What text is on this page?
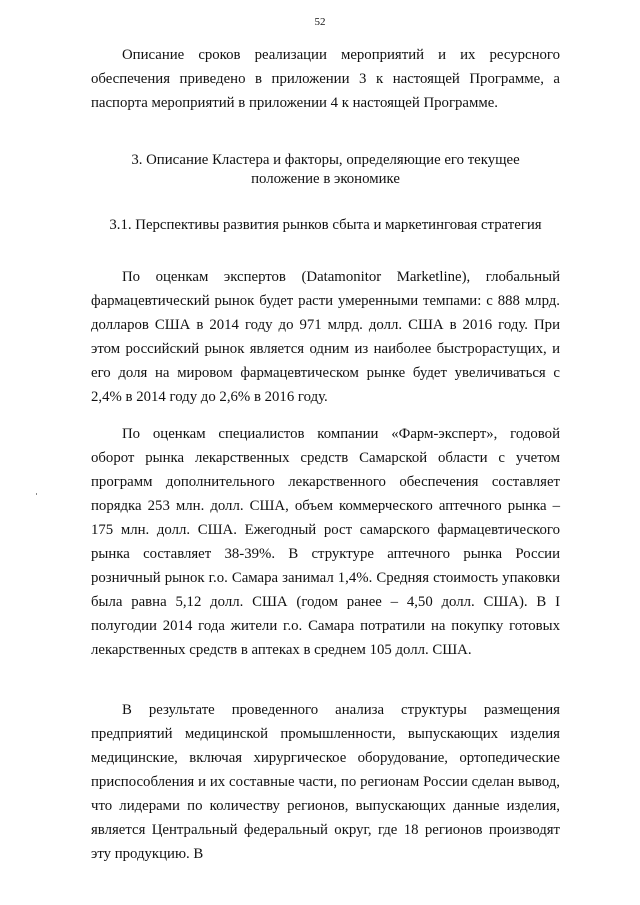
52

Описание сроков реализации мероприятий и их ресурсного обеспечения приведено в приложении 3 к настоящей Программе, а паспорта мероприятий в приложении 4 к настоящей Программе.

3. Описание Кластера и факторы, определяющие его текущее

положение в экономике

3.1. Перспективы развития рынков сбыта и маркетинговая стратегия

По оценкам экспертов (Datamonitor Marketline), глобальный фармацевтический рынок будет расти умеренными темпами: с 888 млрд. долларов США в 2014 году до 971 млрд. долл. США в 2016 году. При этом российский рынок является одним из наиболее быстрорастущих, и его доля на мировом фармацевтическом рынке будет увеличиваться с 2,4% в 2014 году до 2,6% в 2016 году.

По оценкам специалистов компании «Фарм-эксперт», годовой оборот рынка лекарственных средств Самарской области с учетом программ дополнительного лекарственного обеспечения составляет порядка 253 млн. долл. США, объем коммерческого аптечного рынка – 175 млн. долл. США. Ежегодный рост самарского фармацевтического рынка составляет 38-39%. В структуре аптечного рынка России розничный рынок г.о. Самара занимал 1,4%. Средняя стоимость упаковки была равна 5,12 долл. США (годом ранее – 4,50 долл. США). В I полугодии 2014 года жители г.о. Самара потратили на покупку готовых лекарственных средств в аптеках в среднем 105 долл. США.

В результате проведенного анализа структуры размещения предприятий медицинской промышленности, выпускающих изделия медицинские, включая хирургическое оборудование, ортопедические приспособления и их составные части, по регионам России сделан вывод, что лидерами по количеству регионов, выпускающих данные изделия, является Центральный федеральный округ, где 18 регионов производят эту продукцию. В
